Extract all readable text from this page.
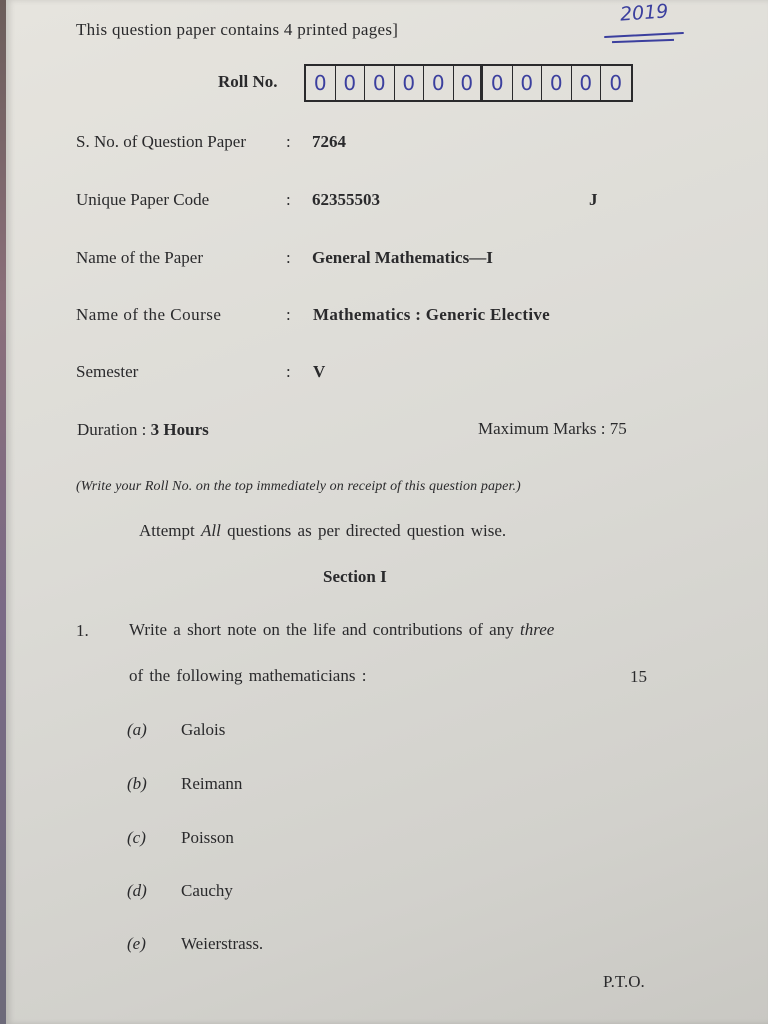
This question paper contains 4 printed pages]
2019
Roll No.	0 0 0 0 0 0 0 0 0 0 0
S. No. of Question Paper : 7264
Unique Paper Code	: 62355503	J
Name of the Paper	: General Mathematics—I
Name of the Course	: Mathematics : Generic Elective
Semester	: V
Duration : 3 Hours	Maximum Marks : 75
(Write your Roll No. on the top immediately on receipt of this question paper.)
Attempt All questions as per directed question wise.
Section I
1. Write a short note on the life and contributions of any three
of the following mathematicians :	15
(a) Galois
(b) Reimann
(c) Poisson
(d) Cauchy
(e) Weierstrass.
P.T.O.
